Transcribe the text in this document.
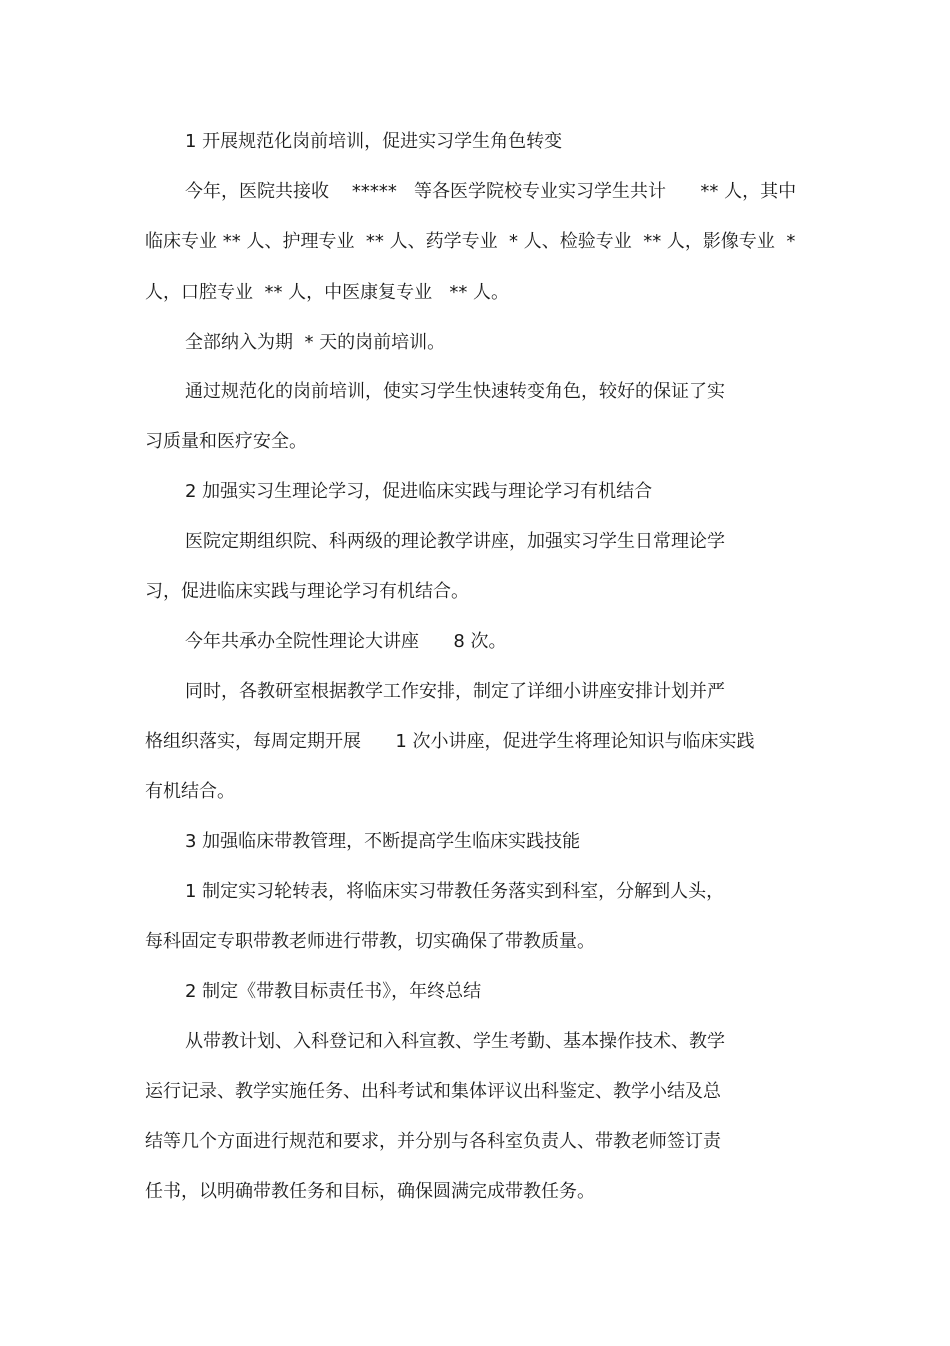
1 开展规范化岗前培训，促进实习学生角色转变

今年，医院共接收    *****   等各医学院校专业实习学生共计      ** 人，其中

临床专业 ** 人、护理专业  ** 人、药学专业  * 人、检验专业  ** 人，影像专业  *

人，口腔专业  ** 人，中医康复专业   ** 人。

全部纳入为期  * 天的岗前培训。

通过规范化的岗前培训，使实习学生快速转变角色，较好的保证了实

习质量和医疗安全。

2 加强实习生理论学习，促进临床实践与理论学习有机结合

医院定期组织院、科两级的理论教学讲座，加强实习学生日常理论学

习，促进临床实践与理论学习有机结合。

今年共承办全院性理论大讲座      8 次。

同时，各教研室根据教学工作安排，制定了详细小讲座安排计划并严

格组织落实，每周定期开展      1 次小讲座，促进学生将理论知识与临床实践

有机结合。

3 加强临床带教管理，不断提高学生临床实践技能

1 制定实习轮转表，将临床实习带教任务落实到科室，分解到人头，

每科固定专职带教老师进行带教，切实确保了带教质量。

2 制定《带教目标责任书》，年终总结

从带教计划、入科登记和入科宣教、学生考勤、基本操作技术、教学

运行记录、教学实施任务、出科考试和集体评议出科鉴定、教学小结及总

结等几个方面进行规范和要求，并分别与各科室负责人、带教老师签订责

任书，以明确带教任务和目标，确保圆满完成带教任务。
